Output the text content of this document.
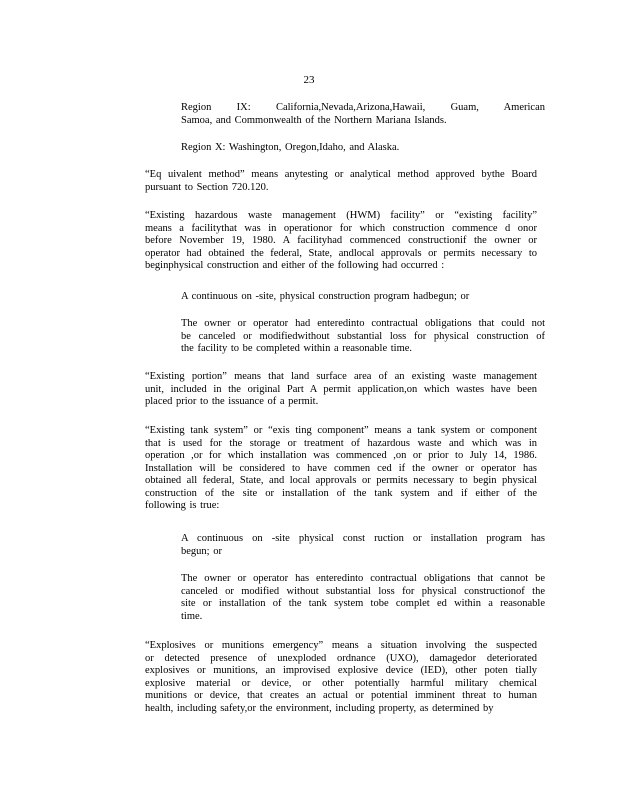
23
Region IX: California,Nevada,Arizona,Hawaii, Guam, American
Samoa, and Commonwealth of the Northern Mariana Islands.
Region X: Washington, Oregon,Idaho, and Alaska.
“Eq uivalent method” means anytesting or analytical method approved bythe Board
pursuant to Section 720.120.
“Existing hazardous waste management (HWM) facility” or “existing facility”
means a facilitythat was in operationor for which construction commence d onor
before November 19, 1980. A facilityhad commenced constructionif the owner or
operator had obtained the federal, State, andlocal approvals or permits necessary to
beginphysical construction and either of the following had occurred :
A continuous on -site, physical construction program hadbegun; or
The owner or operator had enteredinto contractual obligations that could not
be canceled or modifiedwithout substantial loss for physical construction of
the facility to be completed within a reasonable time.
“Existing portion” means that land surface area of an existing waste management
unit, included in the original Part A permit application,on which wastes have been
placed prior to the issuance of a permit.
“Existing tank system” or “exis ting component” means a tank system or component
that is used for the storage or treatment of hazardous waste and which was in
operation ,or for which installation was commenced ,on or prior to July 14, 1986.
Installation will be considered to have commen ced if the owner or operator has
obtained all federal, State, and local approvals or permits necessary to begin physical
construction of the site or installation of the tank system and if either of the
following is true:
A continuous on -site physical const ruction or installation program has
begun; or
The owner or operator has enteredinto contractual obligations that cannot be
canceled or modified without substantial loss for physical constructionof the
site or installation of the tank system tobe complet ed within a reasonable
time.
“Explosives or munitions emergency” means a situation involving the suspected
or detected presence of unexploded ordnance (UXO), damagedor deteriorated
explosives or munitions, an improvised explosive device (IED), other poten tially
explosive material or device, or other potentially harmful military chemical
munitions or device, that creates an actual or potential imminent threat to human
health, including safety,or the environment, including property, as determined by
